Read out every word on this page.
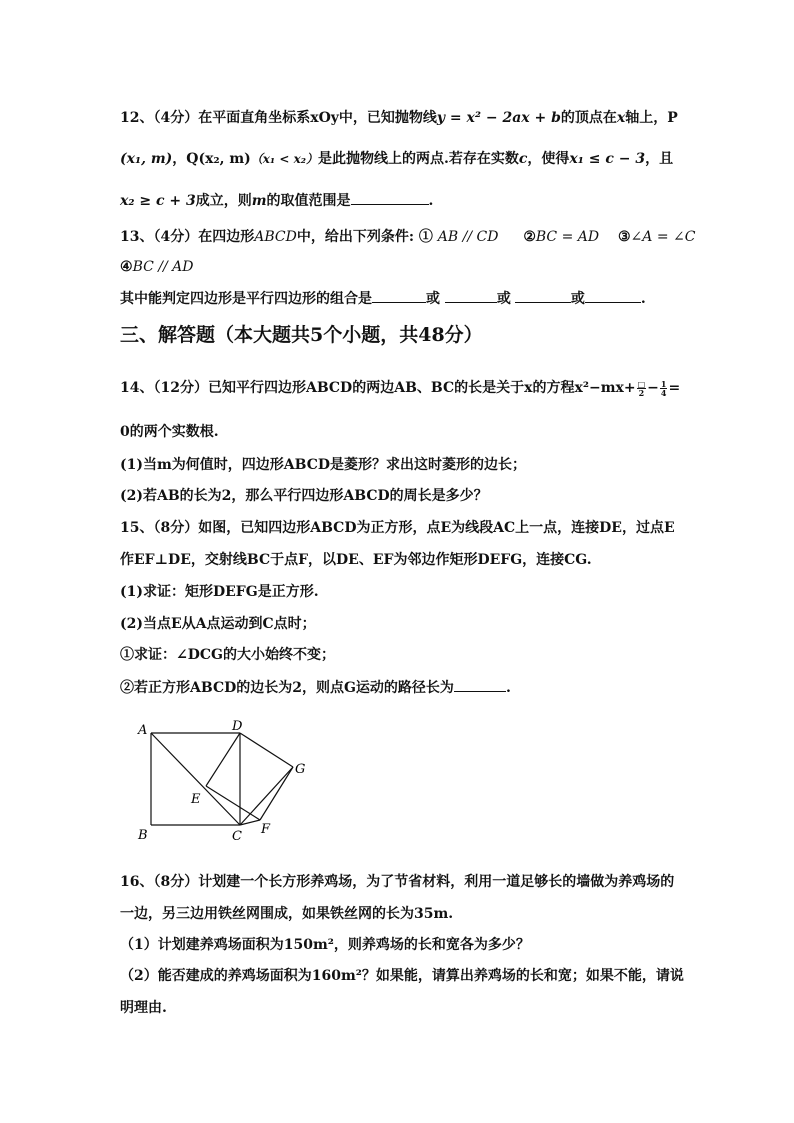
12、（4分）在平面直角坐标系xOy中，已知抛物线y = x² − 2ax + b的顶点在x轴上，P
(x₁, m)，Q(x₂, m)（x₁ < x₂）是此抛物线上的两点.若存在实数c，使得x₁ ≤ c − 3，且
x₂ ≥ c + 3成立，则m的取值范围是	.
13、（4分）在四边形ABCD中，给出下列条件: ① AB // CD ②BC = AD ③∠A = ∠C
④BC // AD
其中能判定四边形是平行四边形的组合是	或	或	或	.
三、解答题（本大题共5个小题，共48分）
14、（12分）已知平行四边形ABCD的两边AB、BC的长是关于x的方程$x^2-mx+ \frac{□}{2} - \frac{1}{4}$ =
0的两个实数根.
(1)当m为何值时，四边形ABCD是菱形？求出这时菱形的边长；
(2)若AB的长为2，那么平行四边形ABCD的周长是多少？
15、（8分）如图，已知四边形ABCD为正方形，点E为线段AC上一点，连接DE，过点E
作EF⊥DE，交射线BC于点F，以DE、EF为邻边作矩形DEFG，连接CG.
(1)求证：矩形DEFG是正方形.
(2)当点E从A点运动到C点时；
①求证：∠DCG的大小始终不变；
②若正方形ABCD的边长为2，则点G运动的路径长为	.
A
B	C
D
E
F
G
16、（8分）计划建一个长方形养鸡场，为了节省材料，利用一道足够长的墙做为养鸡场的
一边，另三边用铁丝网围成，如果铁丝网的长为35m.
（1）计划建养鸡场面积为150m²，则养鸡场的长和宽各为多少？
（2）能否建成的养鸡场面积为160m²？如果能，请算出养鸡场的长和宽；如果不能，请说
明理由.
